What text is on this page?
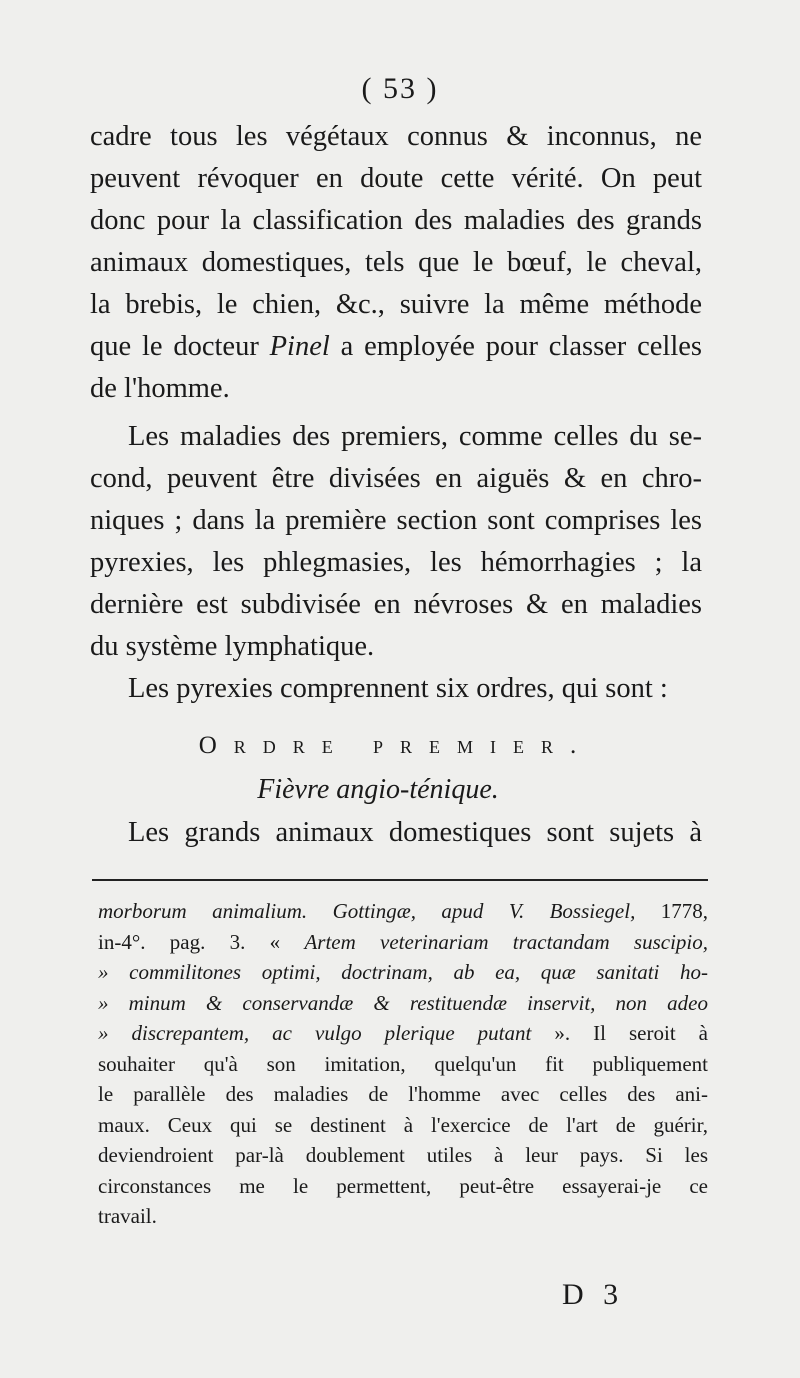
( 53 )

cadre tous les végétaux connus & inconnus, ne

peuvent révoquer en doute cette vérité. On peut

donc pour la classification des maladies des grands

animaux domestiques, tels que le bœuf, le cheval,

la brebis, le chien, &c., suivre la même méthode

que le docteur Pinel a employée pour classer celles

de l'homme.

Les maladies des premiers, comme celles du se-

cond, peuvent être divisées en aiguës & en chro-

niques ; dans la première section sont comprises les

pyrexies, les phlegmasies, les hémorrhagies ; la

dernière est subdivisée en névroses & en maladies

du système lymphatique.

Les pyrexies comprennent six ordres, qui sont :

Ordre premier.
Fièvre angio-ténique.

Les grands animaux domestiques sont sujets à

morborum animalium. Gottingæ, apud V. Bossiegel, 1778,

in-4°. pag. 3. « Artem veterinariam tractandam suscipio,

» commilitones optimi, doctrinam, ab ea, quæ sanitati ho-

» minum & conservandæ & restituendæ inservit, non adeo

» discrepantem, ac vulgo plerique putant ». Il seroit à

souhaiter qu'à son imitation, quelqu'un fit publiquement

le parallèle des maladies de l'homme avec celles des ani-

maux. Ceux qui se destinent à l'exercice de l'art de guérir,

deviendroient par-là doublement utiles à leur pays. Si les

circonstances me le permettent, peut-être essayerai-je ce

travail.

D 3
